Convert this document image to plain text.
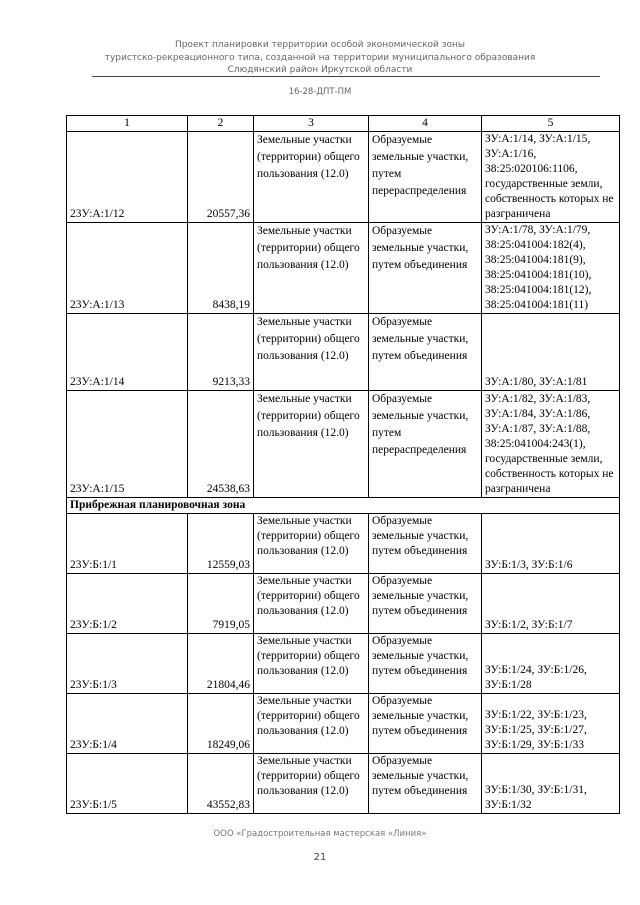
Проект планировки территории особой экономической зоны
туристско-рекреационного типа, созданной на территории муниципального образования
Слюдянский район Иркутской области
16-28-ДПТ-ПМ
1	2	3	4	5
23У:А:1/12	20557,36	Земельные участки (территории) общего пользования (12.0)	Образуемые земельные участки, путем перераспределения	ЗУ:А:1/14, ЗУ:А:1/15, ЗУ:А:1/16, 38:25:020106:1106, государственные земли, собственность которых не разграничена
23У:А:1/13	8438,19	Земельные участки (территории) общего пользования (12.0)	Образуемые земельные участки, путем объединения	ЗУ:А:1/78, ЗУ:А:1/79, 38:25:041004:182(4), 38:25:041004:181(9), 38:25:041004:181(10), 38:25:041004:181(12), 38:25:041004:181(11)
23У:А:1/14	9213,33	Земельные участки (территории) общего пользования (12.0)	Образуемые земельные участки, путем объединения	ЗУ:А:1/80, ЗУ:А:1/81
23У:А:1/15	24538,63	Земельные участки (территории) общего пользования (12.0)	Образуемые земельные участки, путем перераспределения	ЗУ:А:1/82, ЗУ:А:1/83, ЗУ:А:1/84, ЗУ:А:1/86, ЗУ:А:1/87, ЗУ:А:1/88, 38:25:041004:243(1), государственные земли, собственность которых не разграничена
Прибрежная планировочная зона				
23У:Б:1/1	12559,03	Земельные участки (территории) общего пользования (12.0)	Образуемые земельные участки, путем объединения	ЗУ:Б:1/3, ЗУ:Б:1/6
23У:Б:1/2	7919,05	Земельные участки (территории) общего пользования (12.0)	Образуемые земельные участки, путем объединения	ЗУ:Б:1/2, ЗУ:Б:1/7
23У:Б:1/3	21804,46	Земельные участки (территории) общего пользования (12.0)	Образуемые земельные участки, путем объединения	ЗУ:Б:1/24, ЗУ:Б:1/26, ЗУ:Б:1/28
23У:Б:1/4	18249,06	Земельные участки (территории) общего пользования (12.0)	Образуемые земельные участки, путем объединения	ЗУ:Б:1/22, ЗУ:Б:1/23, ЗУ:Б:1/25, ЗУ:Б:1/27, ЗУ:Б:1/29, ЗУ:Б:1/33
23У:Б:1/5	43552,83	Земельные участки (территории) общего пользования (12.0)	Образуемые земельные участки, путем объединения	ЗУ:Б:1/30, ЗУ:Б:1/31, ЗУ:Б:1/32
ООО «Градостроительная мастерская «Линия»
21
